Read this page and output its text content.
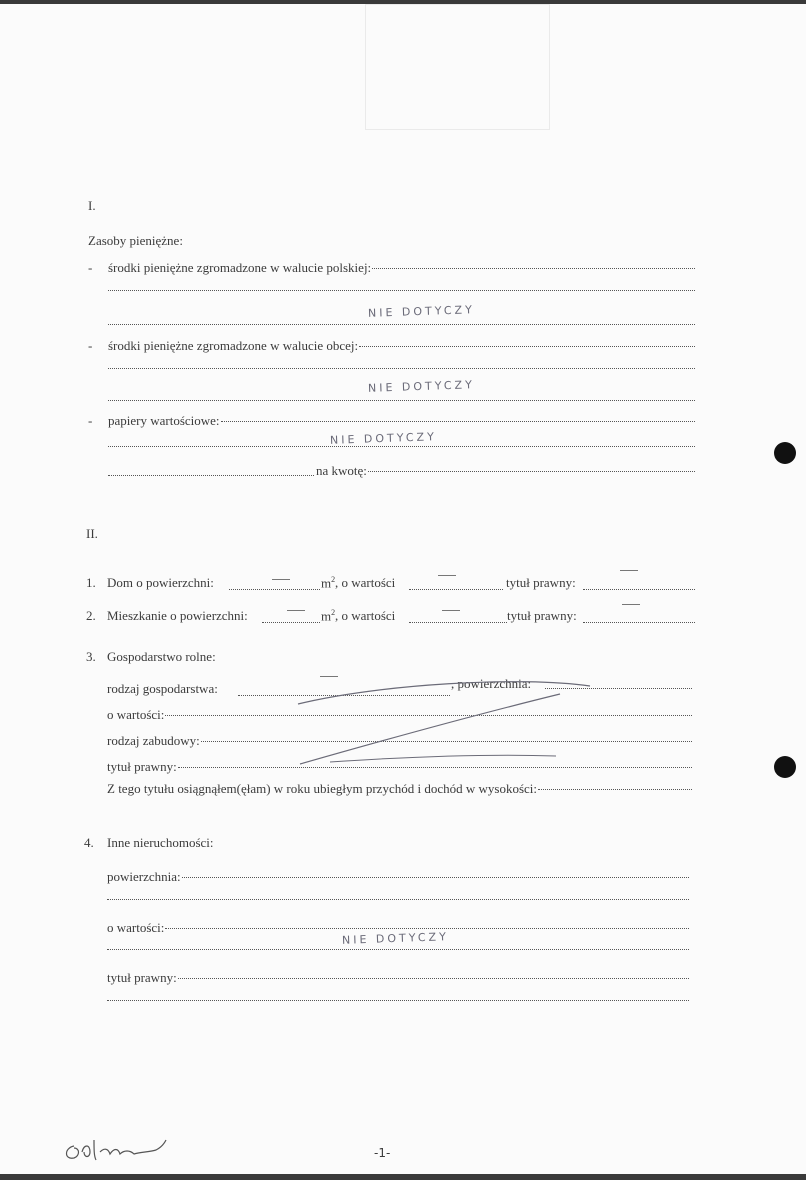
I.
Zasoby pieniężne:
- środki pieniężne zgromadzone w walucie polskiej:
NIE DOTYCZY
- środki pieniężne zgromadzone w walucie obcej:
NIE DOTYCZY
- papiery wartościowe:
NIE DOTYCZY
na kwotę:
II.
1. Dom o powierzchni:	$m^2$ , o wartości	tytuł prawny:
2. Mieszkanie o powierzchni:	$m^2$ , o wartości	tytuł prawny:
3. Gospodarstwo rolne:
rodzaj gospodarstwa:	, powierzchnia:
o wartości:
rodzaj zabudowy:
tytuł prawny:
Z tego tytułu osiągnąłem(ęłam) w roku ubiegłym przychód i dochód w wysokości:
4. Inne nieruchomości:
powierzchnia:
o wartości:
NIE DOTYCZY
tytuł prawny:
-1-
